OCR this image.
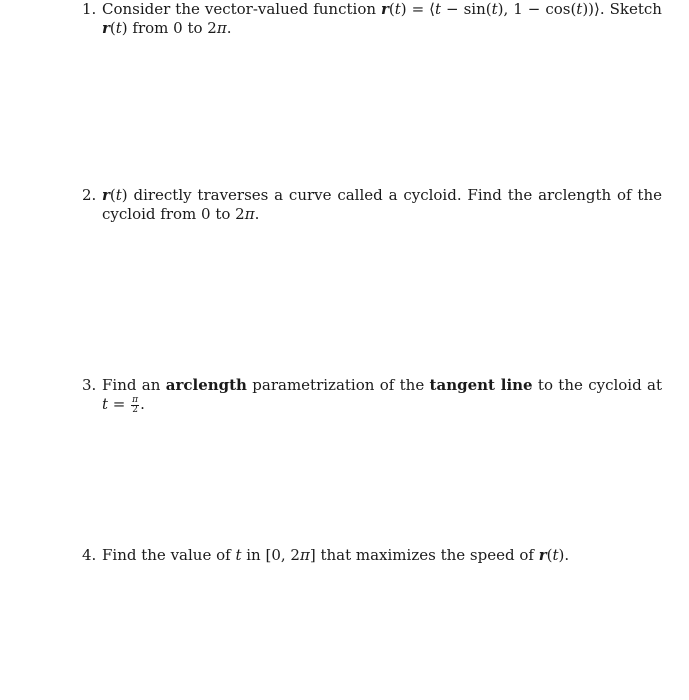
1. Consider the vector-valued function r(t) = ⟨t − sin(t), 1 − cos(t))⟩. Sketch r(t) from 0 to 2π.
2. r(t) directly traverses a curve called a cycloid. Find the arclength of the cycloid from 0 to 2π.
3. Find an arclength parametrization of the tangent line to the cycloid at $t = \frac{\pi}{2}$ .
4. Find the value of t in [0, 2π] that maximizes the speed of r(t).
